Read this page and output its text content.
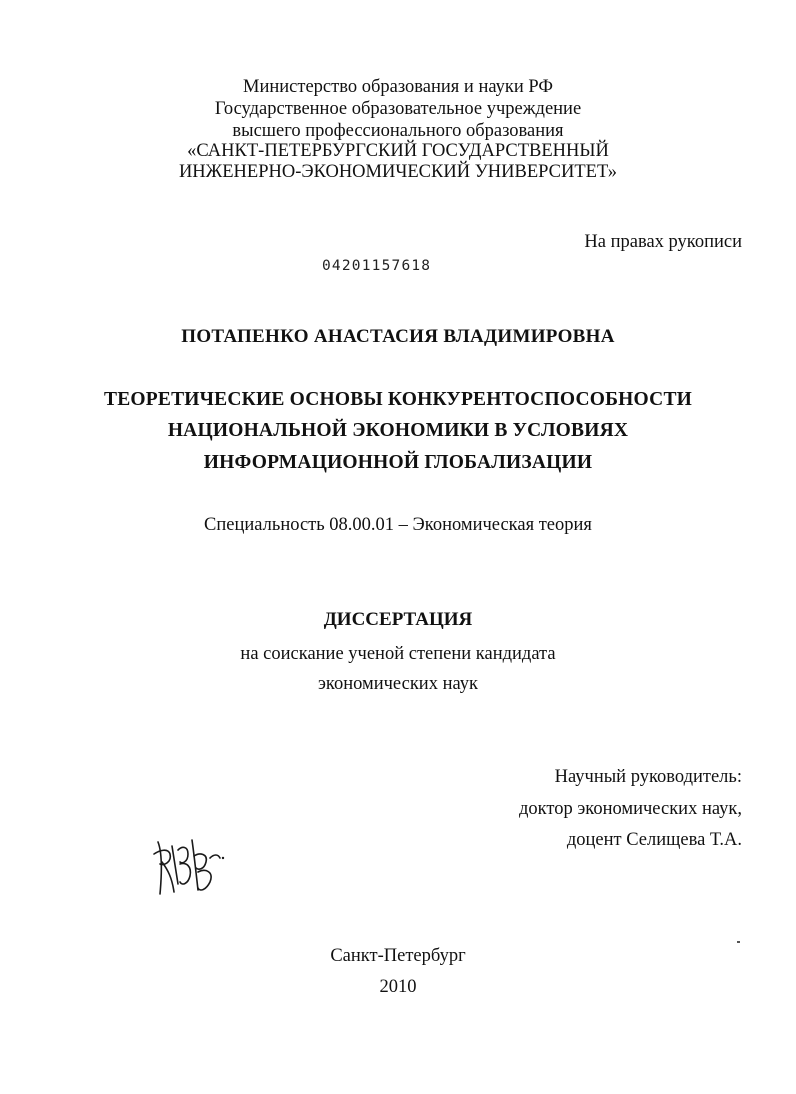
Министерство образования и науки РФ
Государственное образовательное учреждение
высшего профессионального образования
«САНКТ-ПЕТЕРБУРГСКИЙ ГОСУДАРСТВЕННЫЙ
ИНЖЕНЕРНО-ЭКОНОМИЧЕСКИЙ УНИВЕРСИТЕТ»
На правах рукописи
04201157618
ПОТАПЕНКО АНАСТАСИЯ ВЛАДИМИРОВНА
ТЕОРЕТИЧЕСКИЕ ОСНОВЫ КОНКУРЕНТОСПОСОБНОСТИ
НАЦИОНАЛЬНОЙ ЭКОНОМИКИ В УСЛОВИЯХ
ИНФОРМАЦИОННОЙ ГЛОБАЛИЗАЦИИ
Специальность 08.00.01 – Экономическая теория
ДИССЕРТАЦИЯ
на соискание ученой степени кандидата
экономических наук
Научный руководитель:
доктор экономических наук,
доцент Селищева Т.А.
Санкт-Петербург
2010
